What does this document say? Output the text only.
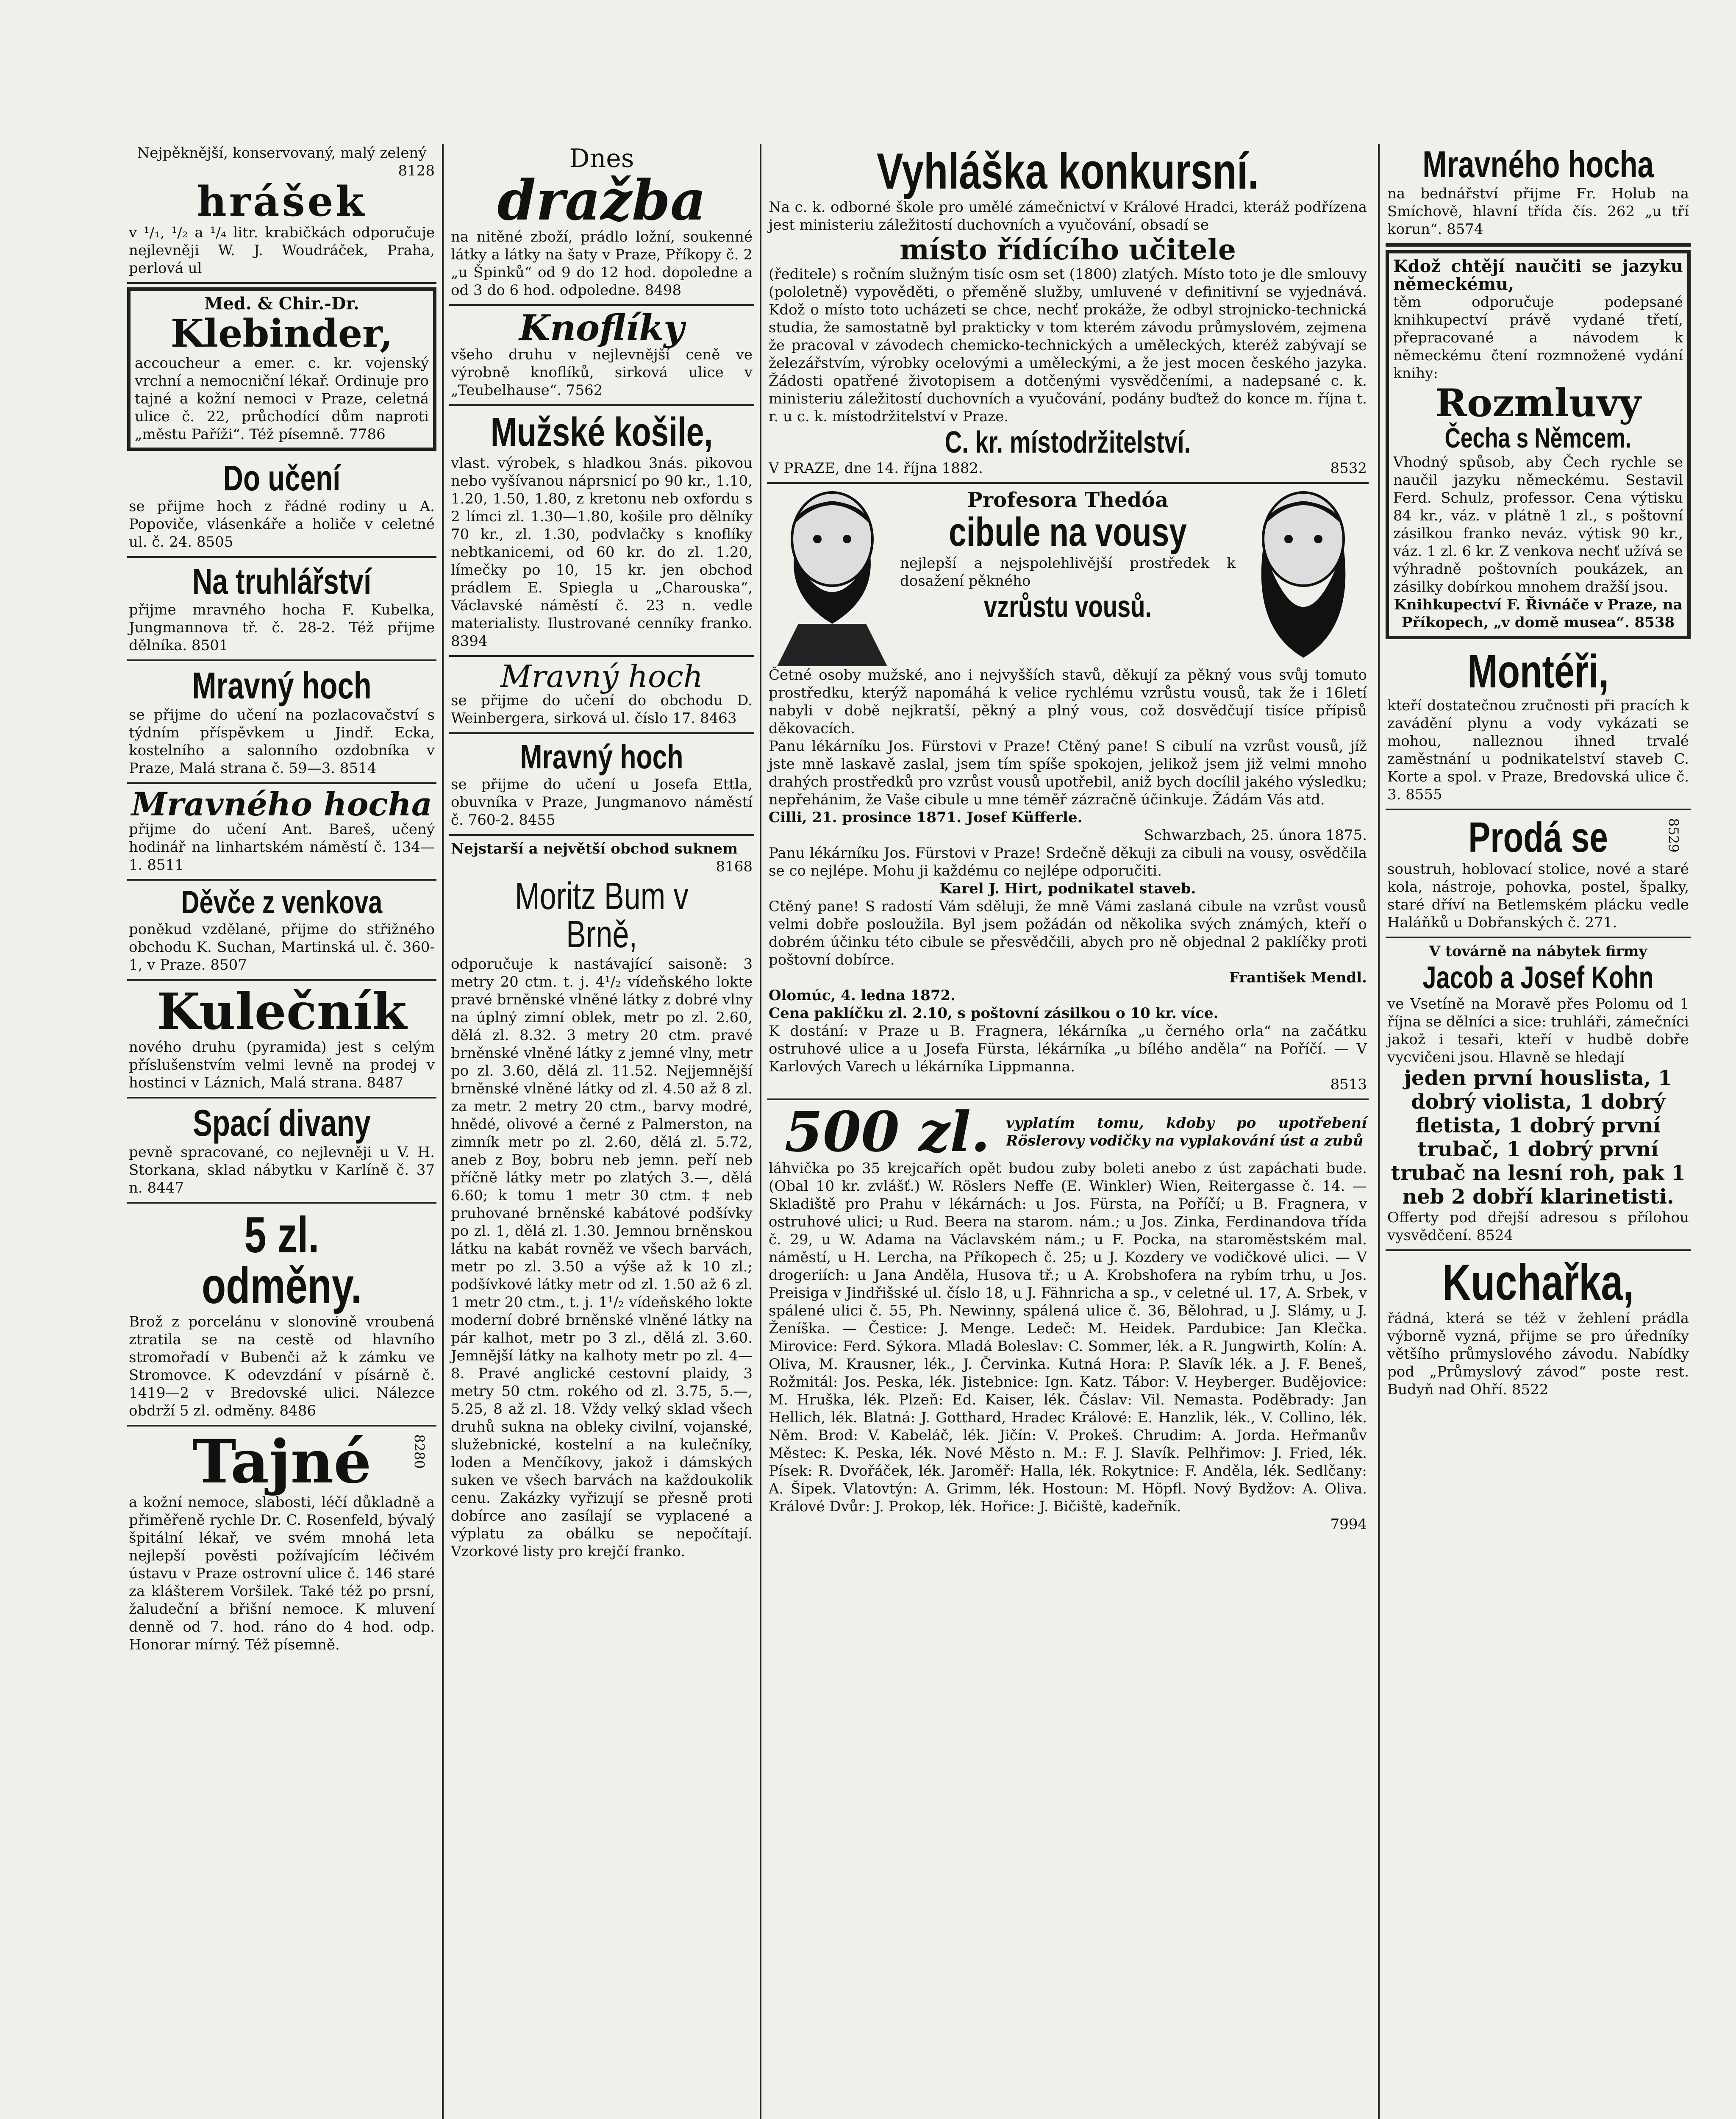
Nejpěknější, konservovaný, malý zelený

8128

hrášek

v ¹/₁, ¹/₂ a ¹/₄ litr. krabičkách odporučuje nejlevněji W. J. Woudráček, Praha, perlová ul

Med. & Chir.-Dr.

Klebinder,

accoucheur a emer. c. kr. vojenský vrchní a nemocniční lékař. Ordinuje pro tajné a kožní nemoci v Praze, celetná ulice č. 22, průchodící dům naproti „městu Paříži“. Též písemně. 7786

Do učení

se přijme hoch z řádné rodiny u A. Popoviče, vlásenkáře a holiče v celetné ul. č. 24. 8505

Na truhlářství

přijme mravného hocha F. Kubelka, Jungmannova tř. č. 28-2. Též přijme dělníka. 8501

Mravný hoch

se přijme do učení na pozlacovačství s týdním příspěvkem u Jindř. Ecka, kostelního a salonního ozdobníka v Praze, Malá strana č. 59—3. 8514

Mravného hocha

přijme do učení Ant. Bareš, učený hodinář na linhartském náměstí č. 134—1. 8511

Děvče z venkova

poněkud vzdělané, přijme do střižného obchodu K. Suchan, Martinská ul. č. 360-1, v Praze. 8507

Kulečník

nového druhu (pyramida) jest s celým příslušenstvím velmi levně na prodej v hostinci v Láznich, Malá strana. 8487

Spací divany

pevně spracované, co nejlevněji u V. H. Storkana, sklad nábytku v Karlíně č. 37 n. 8447

5 zl. odměny.

Brož z porcelánu v slonovině vroubená ztratila se na cestě od hlavního stromořadí v Bubenči až k zámku ve Stromovce. K odevzdání v písárně č. 1419—2 v Bredovské ulici. Nálezce obdrží 5 zl. odměny. 8486

Tajné	8280

a kožní nemoce, slabosti, léčí důkladně a přiměřeně rychle Dr. C. Rosenfeld, bývalý špitální lékař, ve svém mnohá leta nejlepší pověsti požívajícím léčivém ústavu v Praze ostrovní ulice č. 146 staré za klášterem Voršilek. Také též po prsní, žaludeční a břišní nemoce. K mluvení denně od 7. hod. ráno do 4 hod. odp. Honorar mírný. Též písemně.

Dnes
dražba

na nitěné zboží, prádlo ložní, soukenné látky a látky na šaty v Praze, Příkopy č. 2 „u Špinků“ od 9 do 12 hod. dopoledne a od 3 do 6 hod. odpoledne. 8498

Knoflíky

všeho druhu v nejlevnější ceně ve výrobně knoflíků, sirková ulice v „Teubelhause“. 7562

Mužské košile,

vlast. výrobek, s hladkou 3nás. pikovou nebo vyšívanou náprsnicí po 90 kr., 1.10, 1.20, 1.50, 1.80, z kretonu neb oxfordu s 2 límci zl. 1.30—1.80, košile pro dělníky 70 kr., zl. 1.30, podvlačky s knoflíky nebtkanicemi, od 60 kr. do zl. 1.20, límečky po 10, 15 kr. jen obchod prádlem E. Spiegla u „Charouska“, Václavské náměstí č. 23 n. vedle materialisty. Ilustrované cenníky franko. 8394

Mravný hoch

se přijme do učení do obchodu D. Weinbergera, sirková ul. číslo 17. 8463

Mravný hoch

se přijme do učení u Josefa Ettla, obuvníka v Praze, Jungmanovo náměstí č. 760-2. 8455

Nejstarší a největší obchod suknem

8168

Moritz Bum v Brně,

odporučuje k nastávající saisoně: 3 metry 20 ctm. t. j. 4¹/₂ vídeňského lokte pravé brněnské vlněné látky z dobré vlny na úplný zimní oblek, metr po zl. 2.60, dělá zl. 8.32. 3 metry 20 ctm. pravé brněnské vlněné látky z jemné vlny, metr po zl. 3.60, dělá zl. 11.52. Nejjemnější brněnské vlněné látky od zl. 4.50 až 8 zl. za metr. 2 metry 20 ctm., barvy modré, hnědé, olivové a černé z Palmerston, na zimník metr po zl. 2.60, dělá zl. 5.72, aneb z Boy, bobru neb jemn. peří neb příčně látky metr po zlatých 3.—, dělá 6.60; k tomu 1 metr 30 ctm. ‡ neb pruhované brněnské kabátové podšívky po zl. 1, dělá zl. 1.30. Jemnou brněnskou látku na kabát rovněž ve všech barvách, metr po zl. 3.50 a výše až k 10 zl.; podšívkové látky metr od zl. 1.50 až 6 zl. 1 metr 20 ctm., t. j. 1¹/₂ vídeňského lokte moderní dobré brněnské vlněné látky na pár kalhot, metr po 3 zl., dělá zl. 3.60. Jemnější látky na kalhoty metr po zl. 4—8. Pravé anglické cestovní plaidy, 3 metry 50 ctm. rokého od zl. 3.75, 5.—, 5.25, 8 až zl. 18. Vždy velký sklad všech druhů sukna na obleky civilní, vojanské, služebnické, kostelní a na kulečníky, loden a Menčíkovy, jakož i dámských suken ve všech barvách na každoukolik cenu. Zakázky vyřizují se přesně proti dobírce ano zasílají se vyplacené a výplatu za obálku se nepočítají. Vzorkové listy pro krejčí franko.

Vyhláška konkursní.

Na c. k. odborné škole pro umělé zámečnictví v Králové Hradci, kteráž podřízena jest ministeriu záležitostí duchovních a vyučování, obsadí se

místo řídícího učitele

(ředitele) s ročním služným tisíc osm set (1800) zlatých. Místo toto je dle smlouvy (pololetně) vypověděti, o přeměně služby, umluvené v definitivní se vyjednává. Kdož o místo toto ucházeti se chce, nechť prokáže, že odbyl strojnicko-technická studia, že samostatně byl prakticky v tom kterém závodu průmyslovém, zejmena že pracoval v závodech chemicko-technických a uměleckých, kteréž zabývají se železářstvím, výrobky ocelovými a uměleckými, a že jest mocen českého jazyka. Žádosti opatřené životopisem a dotčenými vysvědčeními, a nadepsané c. k. ministeriu záležitostí duchovních a vyučování, podány buďtež do konce m. října t. r. u c. k. místodržitelství v Praze.

C. kr. místodržitelství.

V PRAZE, dne 14. října 1882.	8532

Profesora Thedóa
cibule na vousy

nejlepší a nejspolehlivější prostředek k dosažení pěkného

vzrůstu vousů.

Četné osoby mužské, ano i nejvyšších stavů, děkují za pěkný vous svůj tomuto prostředku, kterýž napomáhá k velice rychlému vzrůstu vousů, tak že i 16letí nabyli v době nejkratší, pěkný a plný vous, což dosvědčují tisíce přípisů děkovacích.

Panu lékárníku Jos. Fürstovi v Praze! Ctěný pane! S cibulí na vzrůst vousů, jíž jste mně laskavě zaslal, jsem tím spíše spokojen, jelikož jsem již velmi mnoho drahých prostředků pro vzrůst vousů upotřebil, aniž bych docílil jakého výsledku; nepřehánim, že Vaše cibule u mne téměř zázračně účinkuje. Žádám Vás atd.

Cilli, 21. prosince 1871. Josef Küfferle.

Schwarzbach, 25. února 1875.

Panu lékárníku Jos. Fürstovi v Praze! Srdečně děkuji za cibuli na vousy, osvědčila se co nejlépe. Mohu ji každému co nejlépe odporučiti.

Karel J. Hirt, podnikatel staveb.

Ctěný pane! S radostí Vám sděluji, že mně Vámi zaslaná cibule na vzrůst vousů velmi dobře posloužila. Byl jsem požádán od několika svých známých, kteří o dobrém účinku této cibule se přesvědčili, abych pro ně objednal 2 paklíčky proti poštovní dobírce.

František Mendl.

Olomúc, 4. ledna 1872.

Cena paklíčku zl. 2.10, s poštovní zásilkou o 10 kr. více.

K dostání: v Praze u B. Fragnera, lékárníka „u černého orla“ na začátku ostruhové ulice a u Josefa Fürsta, lékárníka „u bílého anděla“ na Poříčí. — V Karlových Varech u lékárníka Lippmanna.

8513

500 zl.	vyplatím tomu, kdoby po upotřebení Röslerovy vodičky na vyplakování úst a zubů

láhvička po 35 krejcařích opět budou zuby boleti anebo z úst zapáchati bude. (Obal 10 kr. zvlášť.) W. Röslers Neffe (E. Winkler) Wien, Reitergasse č. 14. — Skladiště pro Prahu v lékárnách: u Jos. Fürsta, na Poříčí; u B. Fragnera, v ostruhové ulici; u Rud. Beera na starom. nám.; u Jos. Zinka, Ferdinandova třída č. 29, u W. Adama na Václavském nám.; u F. Pocka, na staroměstském mal. náměstí, u H. Lercha, na Příkopech č. 25; u J. Kozdery ve vodičkové ulici. — V drogeriích: u Jana Anděla, Husova tř.; u A. Krobshofera na rybím trhu, u Jos. Preisiga v Jindřišské ul. číslo 18, u J. Fähnricha a sp., v celetné ul. 17, A. Srbek, v spálené ulici č. 55, Ph. Newinny, spálená ulice č. 36, Bělohrad, u J. Slámy, u J. Ženíška. — Čestice: J. Menge. Ledeč: M. Heidek. Pardubice: Jan Klečka. Mirovice: Ferd. Sýkora. Mladá Boleslav: C. Sommer, lék. a R. Jungwirth, Kolín: A. Oliva, M. Krausner, lék., J. Červinka. Kutná Hora: P. Slavík lék. a J. F. Beneš, Rožmitál: Jos. Peska, lék. Jistebnice: Ign. Katz. Tábor: V. Heyberger. Budějovice: M. Hruška, lék. Plzeň: Ed. Kaiser, lék. Čáslav: Vil. Nemasta. Poděbrady: Jan Hellich, lék. Blatná: J. Gotthard, Hradec Králové: E. Hanzlik, lék., V. Collino, lék. Něm. Brod: V. Kabeláč, lék. Jičín: V. Prokeš. Chrudim: A. Jorda. Heřmanův Městec: K. Peska, lék. Nové Město n. M.: F. J. Slavík. Pelhřimov: J. Fried, lék. Písek: R. Dvořáček, lék. Jaroměř: Halla, lék. Rokytnice: F. Anděla, lék. Sedlčany: A. Šipek. Vlatovtýn: A. Grimm, lék. Hostoun: M. Höpfl. Nový Bydžov: A. Oliva. Králové Dvůr: J. Prokop, lék. Hořice: J. Bičiště, kadeřník.

7994

Mravného hocha

na bednářství přijme Fr. Holub na Smíchově, hlavní třída čís. 262 „u tří korun“. 8574

Kdož chtějí naučiti se jazyku německému,

těm odporučuje podepsané knihkupectví právě vydané třetí, přepracované a návodem k německému čtení rozmnožené vydání knihy:

Rozmluvy
Čecha s Němcem.

Vhodný spůsob, aby Čech rychle se naučil jazyku německému. Sestavil Ferd. Schulz, professor. Cena výtisku 84 kr., váz. v plátně 1 zl., s poštovní zásilkou franko neváz. výtisk 90 kr., váz. 1 zl. 6 kr. Z venkova nechť užívá se výhradně poštovních poukázek, an zásilky dobírkou mnohem dražší jsou.

Knihkupectví F. Řivnáče v Praze, na Příkopech, „v domě musea“. 8538

Montéři,

kteří dostatečnou zručnosti při pracích k zavádění plynu a vody vykázati se mohou, nalleznou ihned trvalé zaměstnání u podnikatelství staveb C. Korte a spol. v Praze, Bredovská ulice č. 3. 8555

Prodá se	8529

soustruh, hoblovací stolice, nové a staré kola, nástroje, pohovka, postel, špalky, staré dříví na Betlemském plácku vedle Haláňků u Dobřanských č. 271.

V továrně na nábytek firmy

Jacob a Josef Kohn

ve Vsetíně na Moravě přes Polomu od 1 října se dělníci a sice: truhláři, zámečníci jakož i tesaři, kteří v hudbě dobře vycvičeni jsou. Hlavně se hledají

jeden první houslista, 1 dobrý violista, 1 dobrý fletista, 1 dobrý první trubač, 1 dobrý první trubač na lesní roh, pak 1 neb 2 dobří klarinetisti.

Offerty pod dřejší adresou s přílohou vysvědčení. 8524

Kuchařka,

řádná, která se též v žehlení prádla výborně vyzná, přijme se pro úředníky většího průmyslového závodu. Nabídky pod „Průmyslový závod“ poste rest. Budyň nad Ohří. 8522
